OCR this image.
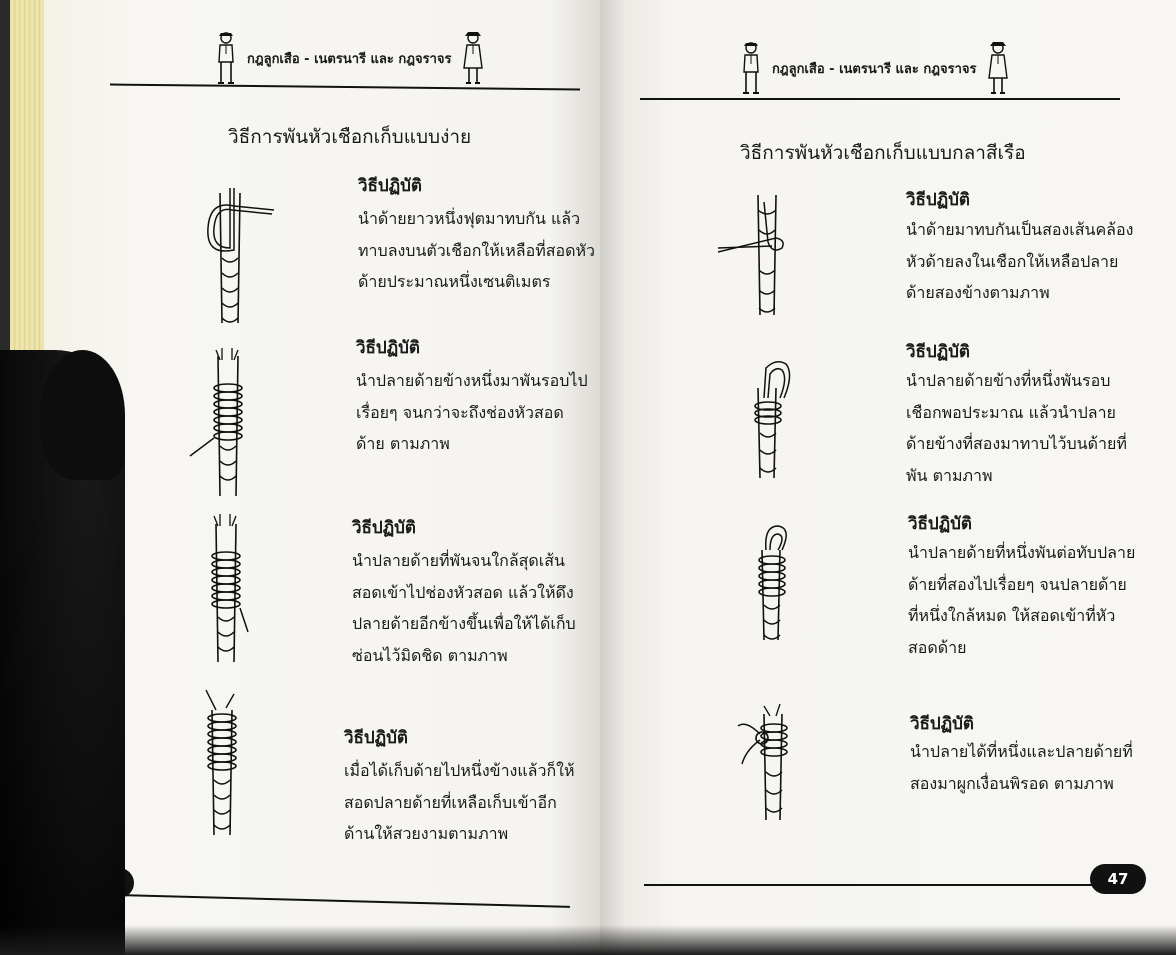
กฎลูกเสือ - เนตรนารี และ กฎจราจร
วิธีการพันหัวเชือกเก็บแบบง่าย
วิธีปฏิบัติ
นำด้ายยาวหนึ่งฟุตมาทบกัน แล้ว
ทาบลงบนตัวเชือกให้เหลือที่สอดหัว
ด้ายประมาณหนึ่งเซนติเมตร
วิธีปฏิบัติ
นำปลายด้ายข้างหนึ่งมาพันรอบไป
เรื่อยๆ จนกว่าจะถึงช่องหัวสอด
ด้าย ตามภาพ
วิธีปฏิบัติ
นำปลายด้ายที่พันจนใกล้สุดเส้น
สอดเข้าไปช่องหัวสอด แล้วให้ดึง
ปลายด้ายอีกข้างขึ้นเพื่อให้ได้เก็บ
ซ่อนไว้มิดชิด ตามภาพ
วิธีปฏิบัติ
เมื่อได้เก็บด้ายไปหนึ่งข้างแล้วก็ให้
สอดปลายด้ายที่เหลือเก็บเข้าอีก
ด้านให้สวยงามตามภาพ
กฎลูกเสือ - เนตรนารี และ กฎจราจร
วิธีการพันหัวเชือกเก็บแบบกลาสีเรือ
วิธีปฏิบัติ
นำด้ายมาทบกันเป็นสองเส้นคล้อง
หัวด้ายลงในเชือกให้เหลือปลาย
ด้ายสองข้างตามภาพ
วิธีปฏิบัติ
นำปลายด้ายข้างที่หนึ่งพันรอบ
เชือกพอประมาณ แล้วนำปลาย
ด้ายข้างที่สองมาทาบไว้บนด้ายที่
พัน ตามภาพ
วิธีปฏิบัติ
นำปลายด้ายที่หนึ่งพันต่อทับปลาย
ด้ายที่สองไปเรื่อยๆ จนปลายด้าย
ที่หนึ่งใกล้หมด ให้สอดเข้าที่หัว
สอดด้าย
วิธีปฏิบัติ
นำปลายได้ที่หนึ่งและปลายด้ายที่
สองมาผูกเงื่อนพิรอด ตามภาพ
47
